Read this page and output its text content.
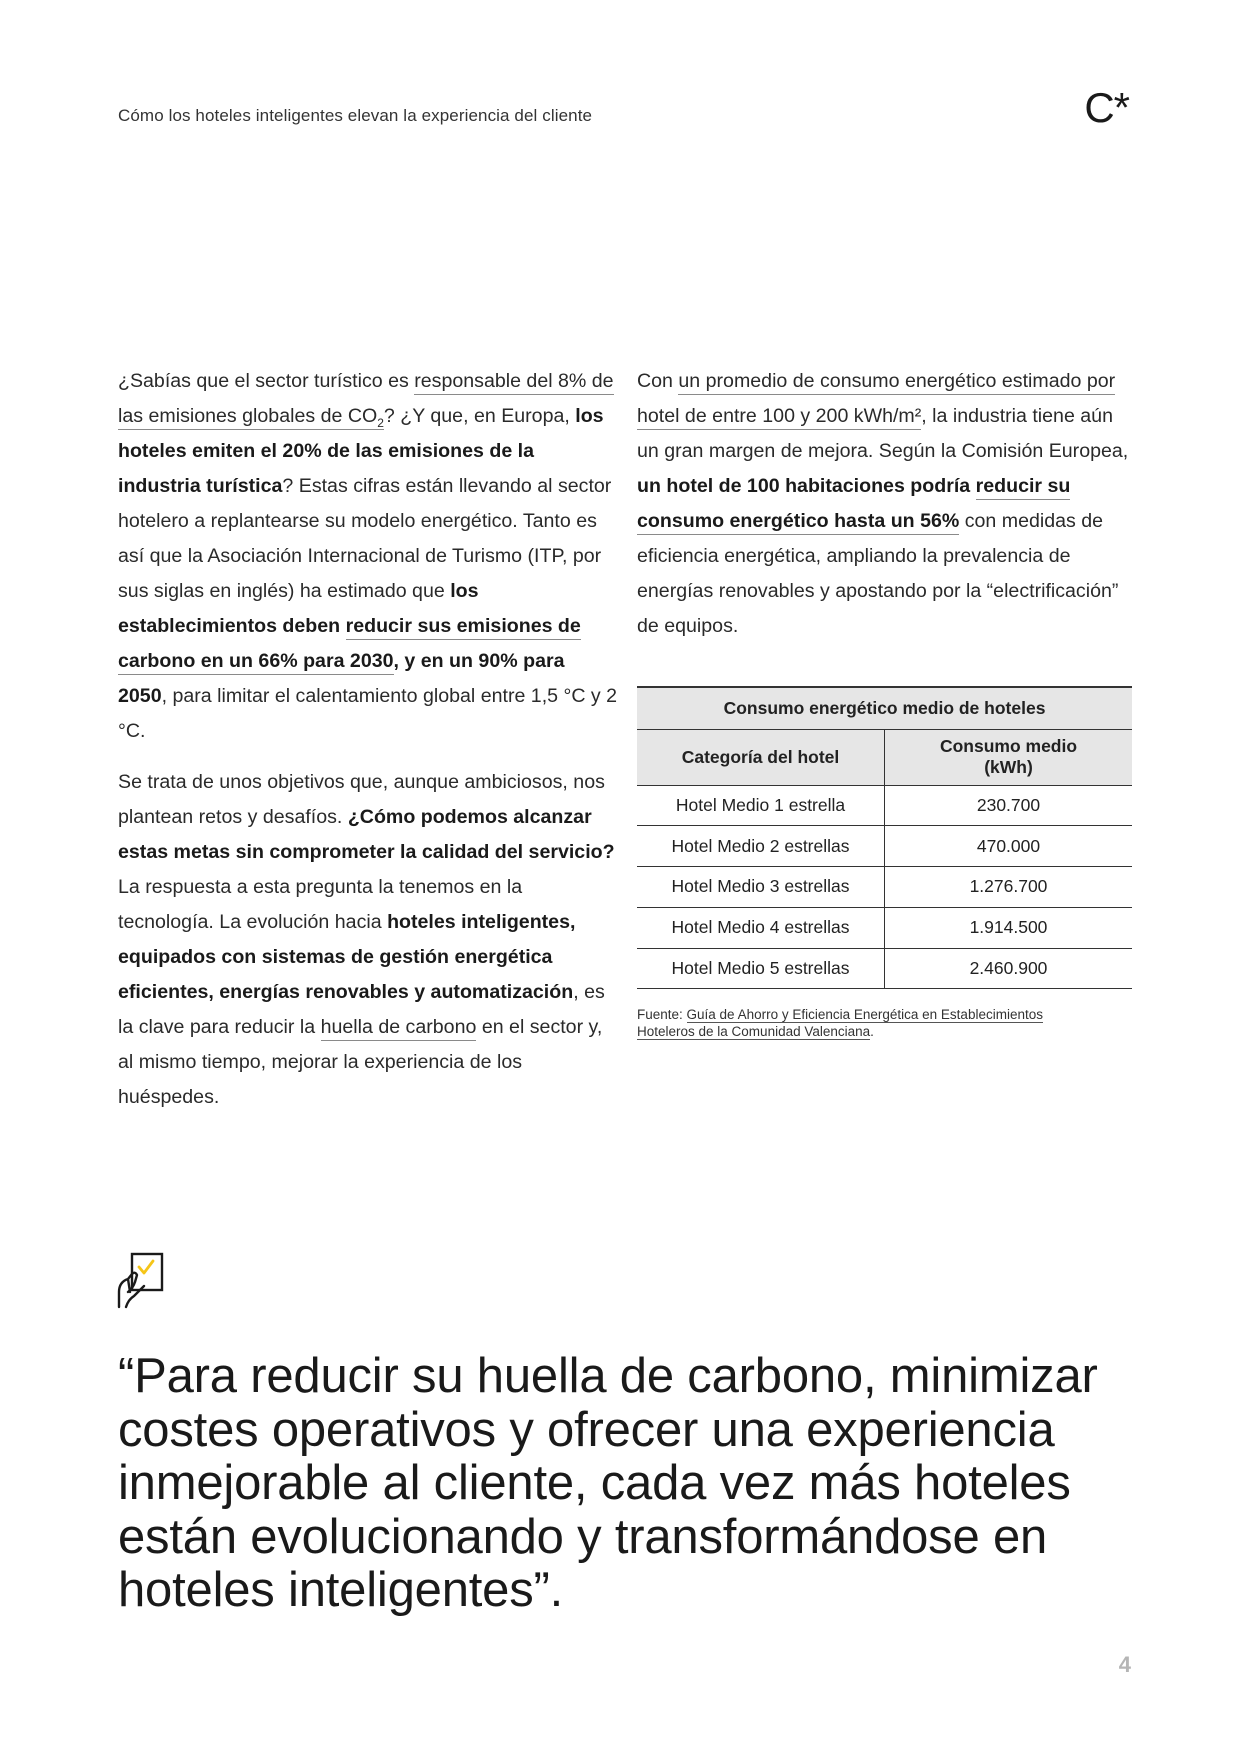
Cómo los hoteles inteligentes elevan la experiencia del cliente	C*

¿Sabías que el sector turístico es responsable del 8% de las emisiones globales de $CO_2$? ¿Y que, en Europa, los hoteles emiten el 20% de las emisiones de la industria turística? Estas cifras están llevando al sector hotelero a replantearse su modelo energético. Tanto es así que la Asociación Internacional de Turismo (ITP, por sus siglas en inglés) ha estimado que los establecimientos deben reducir sus emisiones de carbono en un 66% para 2030, y en un 90% para 2050, para limitar el calentamiento global entre 1,5 °C y 2 °C.

Se trata de unos objetivos que, aunque ambiciosos, nos plantean retos y desafíos. ¿Cómo podemos alcanzar estas metas sin comprometer la calidad del servicio? La respuesta a esta pregunta la tenemos en la tecnología. La evolución hacia hoteles inteligentes, equipados con sistemas de gestión energética eficientes, energías renovables y automatización, es la clave para reducir la huella de carbono en el sector y, al mismo tiempo, mejorar la experiencia de los huéspedes.

Con un promedio de consumo energético estimado por hotel de entre 100 y 200 kWh/m², la industria tiene aún un gran margen de mejora. Según la Comisión Europea, un hotel de 100 habitaciones podría reducir su consumo energético hasta un 56% con medidas de eficiencia energética, ampliando la prevalencia de energías renovables y apostando por la “electrificación” de equipos.

Consumo energético medio de hoteles	
Categoría del hotel	Consumo medio (kWh)
Hotel Medio 1 estrella	230.700
Hotel Medio 2 estrellas	470.000
Hotel Medio 3 estrellas	1.276.700
Hotel Medio 4 estrellas	1.914.500
Hotel Medio 5 estrellas	2.460.900
Fuente: Guía de Ahorro y Eficiencia Energética en Establecimientos Hoteleros de la Comunidad Valenciana.
“Para reducir su huella de carbono, minimizar costes operativos y ofrecer una experiencia inmejorable al cliente, cada vez más hoteles están evolucionando y transformándose en hoteles inteligentes”.
4
